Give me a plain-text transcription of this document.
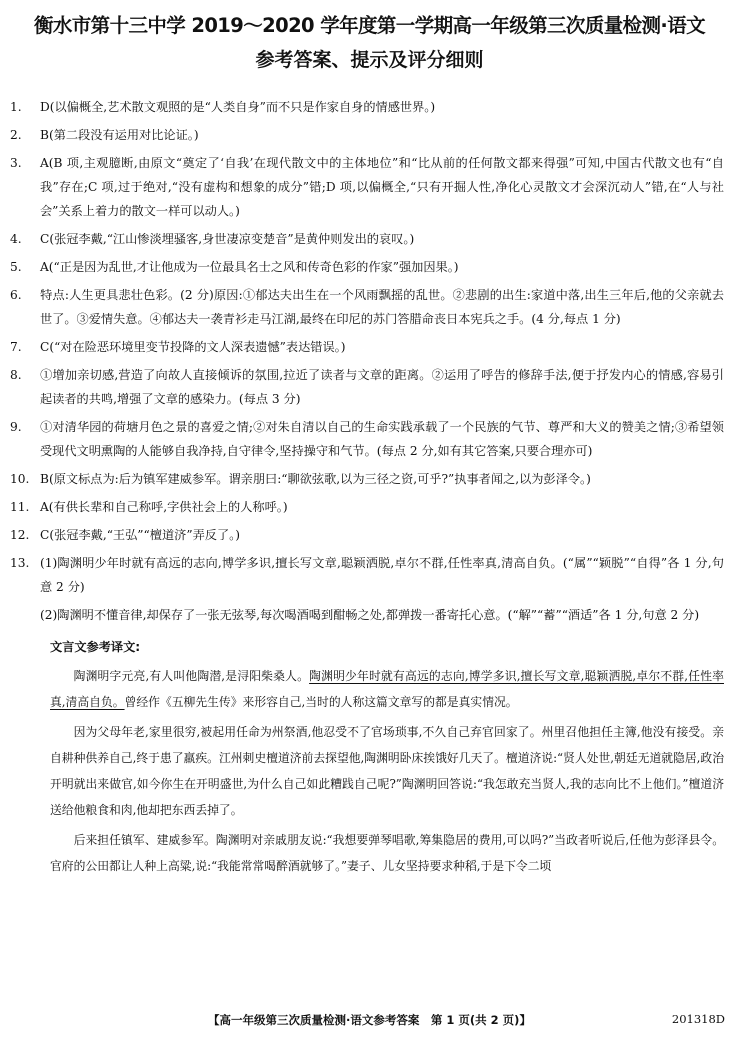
衡水市第十三中学 2019～2020 学年度第一学期高一年级第三次质量检测·语文
参考答案、提示及评分细则

1. D(以偏概全,艺术散文观照的是“人类自身”而不只是作家自身的情感世界。)

2. B(第二段没有运用对比论证。)

3. A(B 项,主观臆断,由原文“奠定了‘自我’在现代散文中的主体地位”和“比从前的任何散文都来得强”可知,中国古代散文也有“自我”存在;C 项,过于绝对,“没有虚构和想象的成分”错;D 项,以偏概全,“只有开掘人性,净化心灵散文才会深沉动人”错,在“人与社会”关系上着力的散文一样可以动人。)

4. C(张冠李戴,“江山惨淡埋骚客,身世凄凉变楚音”是黄仲则发出的哀叹。)

5. A(“正是因为乱世,才让他成为一位最具名士之风和传奇色彩的作家”强加因果。)

6. 特点:人生更具悲壮色彩。(2 分)原因:①郁达夫出生在一个风雨飘摇的乱世。②悲剧的出生:家道中落,出生三年后,他的父亲就去世了。③爱情失意。④郁达夫一袭青衫走马江湖,最终在印尼的苏门答腊命丧日本宪兵之手。(4 分,每点 1 分)

7. C(“对在险恶环境里变节投降的文人深表遗憾”表达错误。)

8. ①增加亲切感,营造了向故人直接倾诉的氛围,拉近了读者与文章的距离。②运用了呼告的修辞手法,便于抒发内心的情感,容易引起读者的共鸣,增强了文章的感染力。(每点 3 分)

9. ①对清华园的荷塘月色之景的喜爱之情;②对朱自清以自己的生命实践承载了一个民族的气节、尊严和大义的赞美之情;③希望领受现代文明熏陶的人能够自我净持,自守律令,坚持操守和气节。(每点 2 分,如有其它答案,只要合理亦可)

10. B(原文标点为:后为镇军建威参军。谓亲朋曰:“聊欲弦歌,以为三径之资,可乎?”执事者闻之,以为彭泽令。)

11. A(有供长辈和自己称呼,字供社会上的人称呼。)

12. C(张冠李戴,“王弘”“檀道济”弄反了。)

13. (1)陶渊明少年时就有高远的志向,博学多识,擅长写文章,聪颖洒脱,卓尔不群,任性率真,清高自负。(“属”“颖脱”“自得”各 1 分,句意 2 分)

(2)陶渊明不懂音律,却保存了一张无弦琴,每次喝酒喝到酣畅之处,都弹拨一番寄托心意。(“解”“蓄”“酒适”各 1 分,句意 2 分)

文言文参考译文:

陶渊明字元亮,有人叫他陶潜,是浔阳柴桑人。陶渊明少年时就有高远的志向,博学多识,擅长写文章,聪颖洒脱,卓尔不群,任性率真,清高自负。曾经作《五柳先生传》来形容自己,当时的人称这篇文章写的都是真实情况。

因为父母年老,家里很穷,被起用任命为州祭酒,他忍受不了官场琐事,不久自己弃官回家了。州里召他担任主簿,他没有接受。亲自耕种供养自己,终于患了羸疾。江州刺史檀道济前去探望他,陶渊明卧床挨饿好几天了。檀道济说:“贤人处世,朝廷无道就隐居,政治开明就出来做官,如今你生在开明盛世,为什么自己如此糟践自己呢?”陶渊明回答说:“我怎敢充当贤人,我的志向比不上他们。”檀道济送给他粮食和肉,他却把东西丢掉了。

后来担任镇军、建威参军。陶渊明对亲戚朋友说:“我想要弹琴唱歌,筹集隐居的费用,可以吗?”当政者听说后,任他为彭泽县令。官府的公田都让人种上高粱,说:“我能常常喝醉酒就够了。”妻子、儿女坚持要求种稻,于是下令二顷

【高一年级第三次质量检测·语文参考答案　第 1 页(共 2 页)】	201318D
